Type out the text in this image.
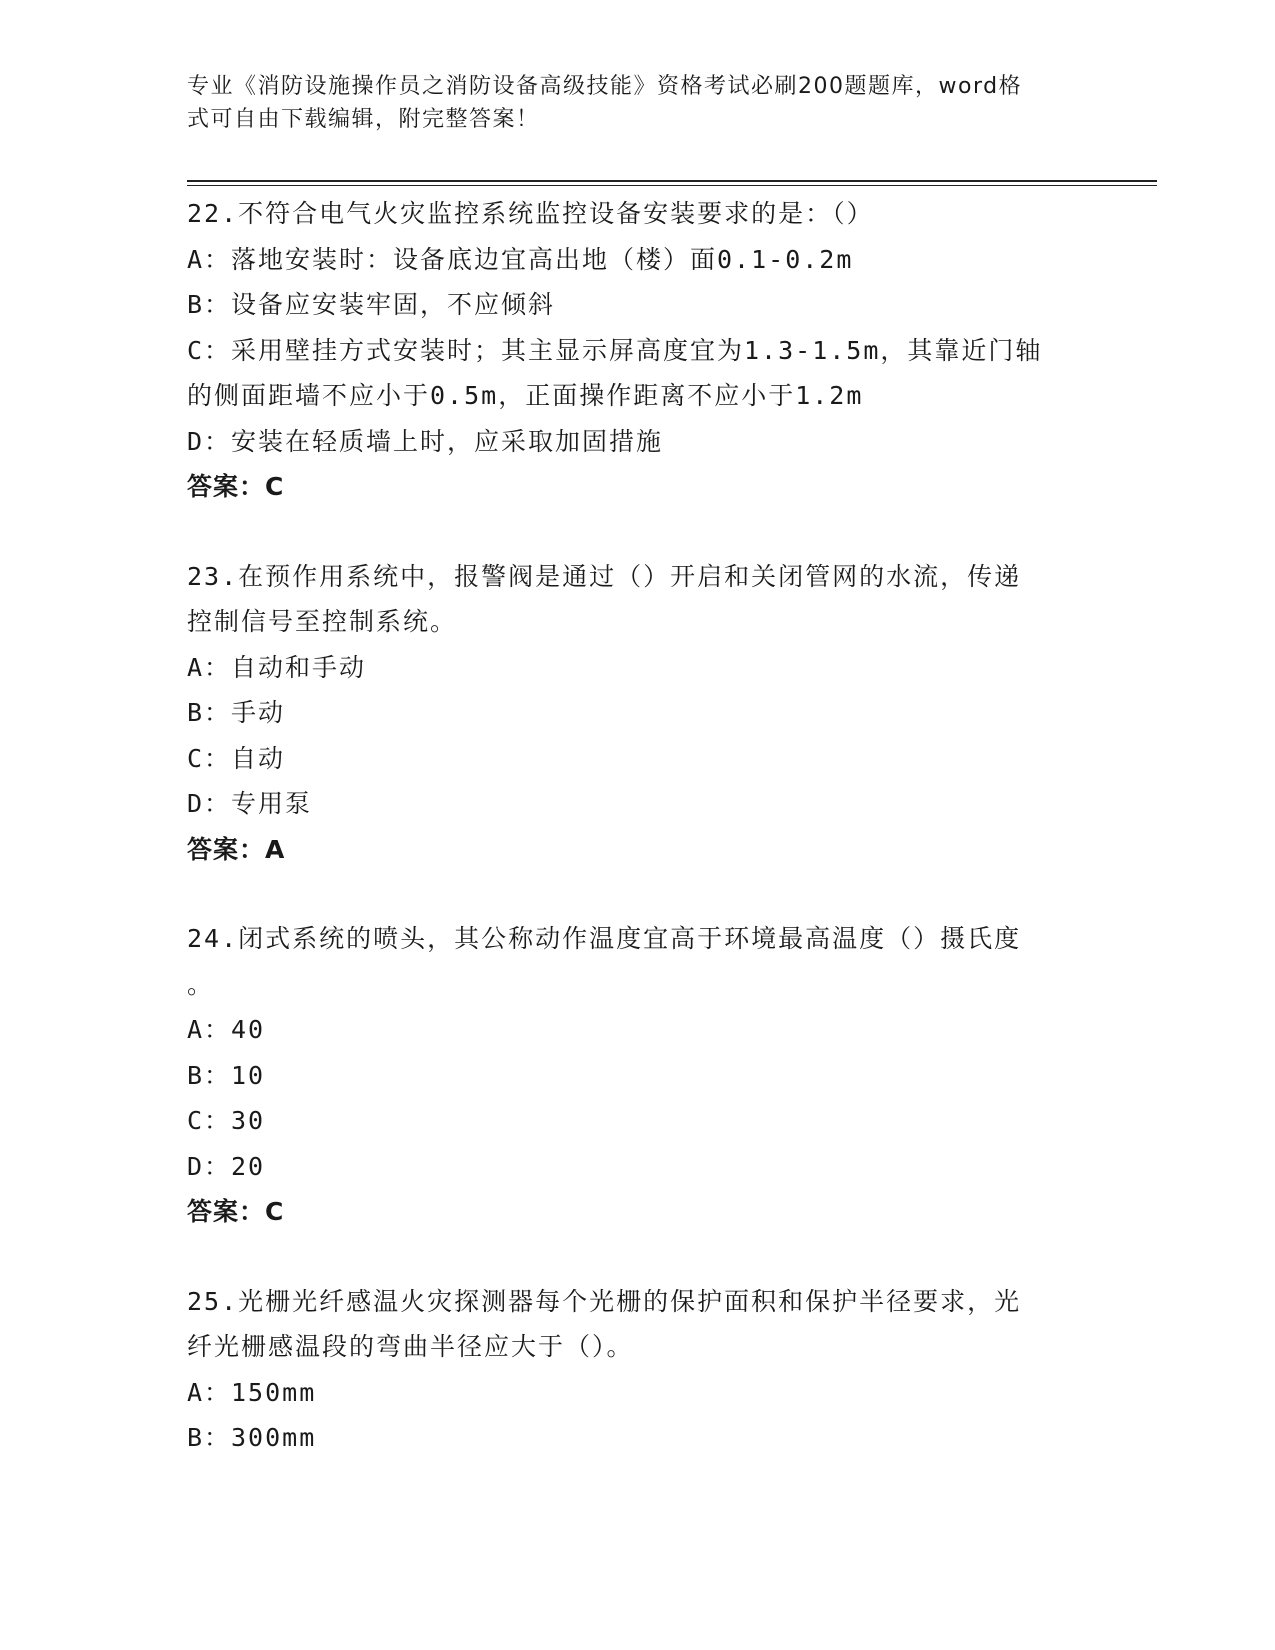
专业《消防设施操作员之消防设备高级技能》资格考试必刷200题题库，word格
式可自由下载编辑，附完整答案！

22.不符合电气火灾监控系统监控设备安装要求的是：（）

A： 落地安装时：设备底边宜高出地（楼）面0.1-0.2m
B： 设备应安装牢固，不应倾斜
C： 采用壁挂方式安装时；其主显示屏高度宜为1.3-1.5m，其靠近门轴

的侧面距墙不应小于0.5m，正面操作距离不应小于1.2m

D： 安装在轻质墙上时，应采取加固措施

答案：C

23.在预作用系统中，报警阀是通过（）开启和关闭管网的水流，传递

控制信号至控制系统。

A： 自动和手动
B： 手动
C： 自动
D： 专用泵

答案：A

24.闭式系统的喷头，其公称动作温度宜高于环境最高温度（）摄氏度

。

A： 40
B： 10
C： 30
D： 20

答案：C

25.光栅光纤感温火灾探测器每个光栅的保护面积和保护半径要求，光

纤光栅感温段的弯曲半径应大于（）。

A： 150mm
B： 300mm
